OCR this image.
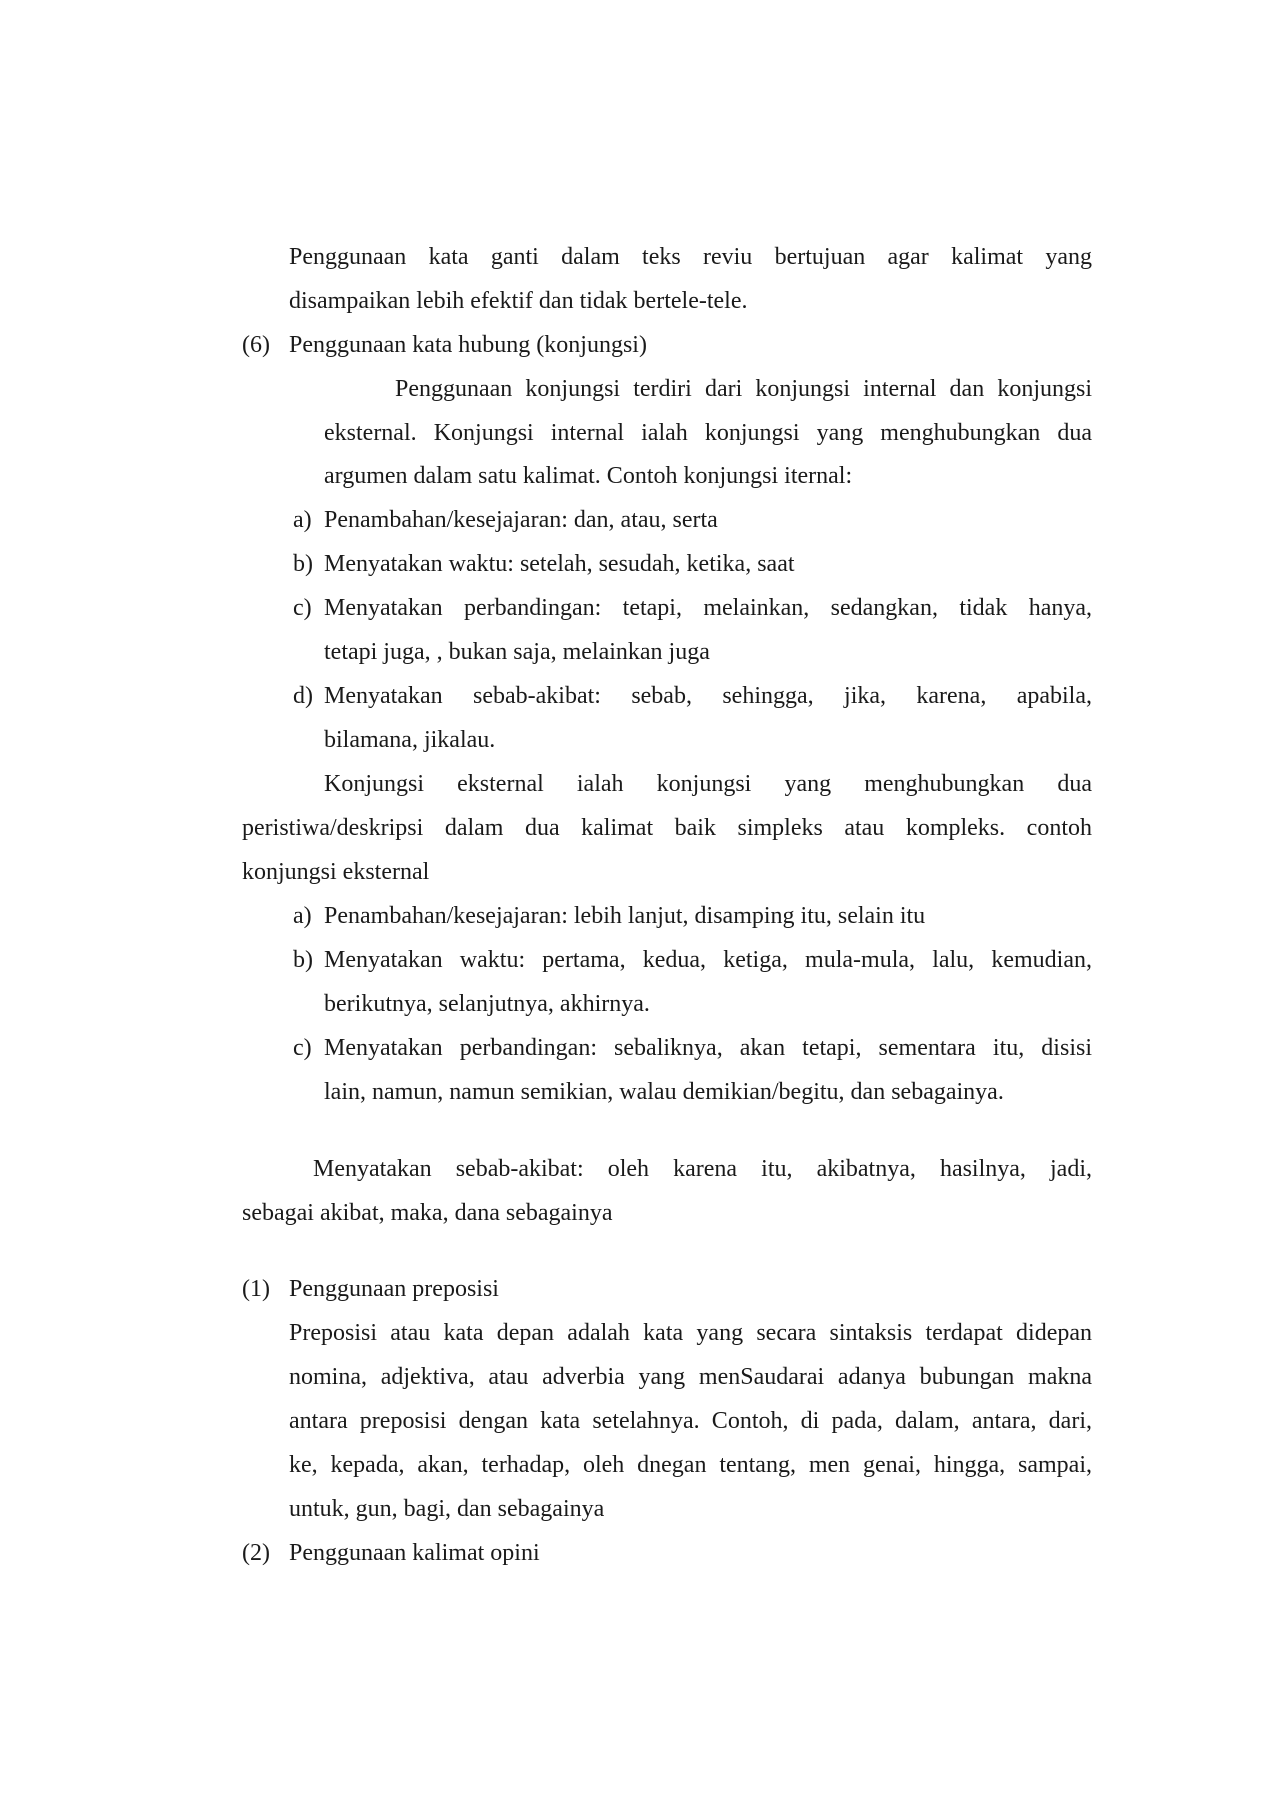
Penggunaan kata ganti dalam teks reviu bertujuan agar kalimat yang
disampaikan lebih efektif dan tidak bertele-tele.
(6) Penggunaan kata hubung (konjungsi)
Penggunaan konjungsi terdiri dari konjungsi internal dan konjungsi
eksternal. Konjungsi internal ialah konjungsi yang menghubungkan dua
argumen dalam satu kalimat. Contoh konjungsi iternal:
a) Penambahan/kesejajaran: dan, atau, serta
b) Menyatakan waktu: setelah, sesudah, ketika, saat
c) Menyatakan perbandingan: tetapi, melainkan, sedangkan, tidak hanya,
tetapi juga, , bukan saja, melainkan juga
d) Menyatakan sebab-akibat: sebab, sehingga, jika, karena, apabila,
bilamana, jikalau.
Konjungsi eksternal ialah konjungsi yang menghubungkan dua
peristiwa/deskripsi dalam dua kalimat baik simpleks atau kompleks. contoh
konjungsi eksternal
a) Penambahan/kesejajaran: lebih lanjut, disamping itu, selain itu
b) Menyatakan waktu: pertama, kedua, ketiga, mula-mula, lalu, kemudian,
berikutnya, selanjutnya, akhirnya.
c) Menyatakan perbandingan: sebaliknya, akan tetapi, sementara itu, disisi
lain, namun, namun semikian, walau demikian/begitu, dan sebagainya.
Menyatakan sebab-akibat: oleh karena itu, akibatnya, hasilnya, jadi,
sebagai akibat, maka, dana sebagainya
(1) Penggunaan preposisi
Preposisi atau kata depan adalah kata yang secara sintaksis terdapat didepan
nomina, adjektiva, atau adverbia yang menSaudarai adanya bubungan makna
antara preposisi dengan kata setelahnya. Contoh, di pada, dalam, antara, dari,
ke, kepada, akan, terhadap, oleh dnegan tentang, men genai, hingga, sampai,
untuk, gun, bagi, dan sebagainya
(2) Penggunaan kalimat opini
